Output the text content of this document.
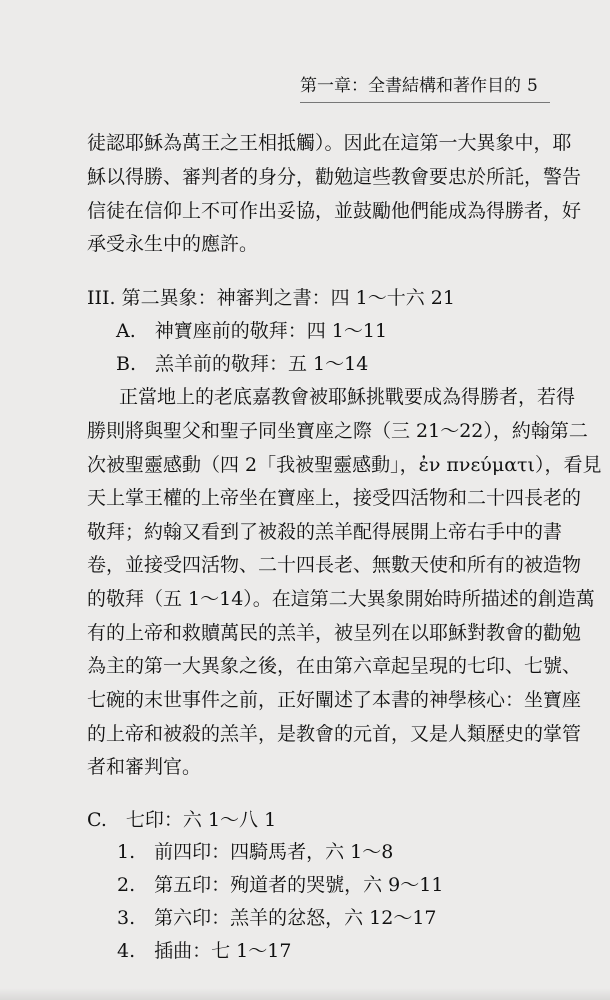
第一章：全書結構和著作目的 5
徒認耶穌為萬王之王相抵觸）。因此在這第一大異象中，耶
穌以得勝、審判者的身分，勸勉這些教會要忠於所託，警告
信徒在信仰上不可作出妥協，並鼓勵他們能成為得勝者，好
承受永生中的應許。
III. 第二異象：神審判之書：四 1～十六 21
A.　神寶座前的敬拜：四 1～11
B.　羔羊前的敬拜：五 1～14
正當地上的老底嘉教會被耶穌挑戰要成為得勝者，若得
勝則將與聖父和聖子同坐寶座之際（三 21～22），約翰第二
次被聖靈感動（四 2「我被聖靈感動」，ἐν πνεύματι），看見
天上掌王權的上帝坐在寶座上，接受四活物和二十四長老的
敬拜；約翰又看到了被殺的羔羊配得展開上帝右手中的書
卷，並接受四活物、二十四長老、無數天使和所有的被造物
的敬拜（五 1～14）。在這第二大異象開始時所描述的創造萬
有的上帝和救贖萬民的羔羊，被呈列在以耶穌對教會的勸勉
為主的第一大異象之後，在由第六章起呈現的七印、七號、
七碗的末世事件之前，正好闡述了本書的神學核心：坐寶座
的上帝和被殺的羔羊，是教會的元首，又是人類歷史的掌管
者和審判官。
C.　七印：六 1～八 1
1.　前四印：四騎馬者，六 1～8
2.　第五印：殉道者的哭號，六 9～11
3.　第六印：羔羊的忿怒，六 12～17
4.　插曲：七 1～17
